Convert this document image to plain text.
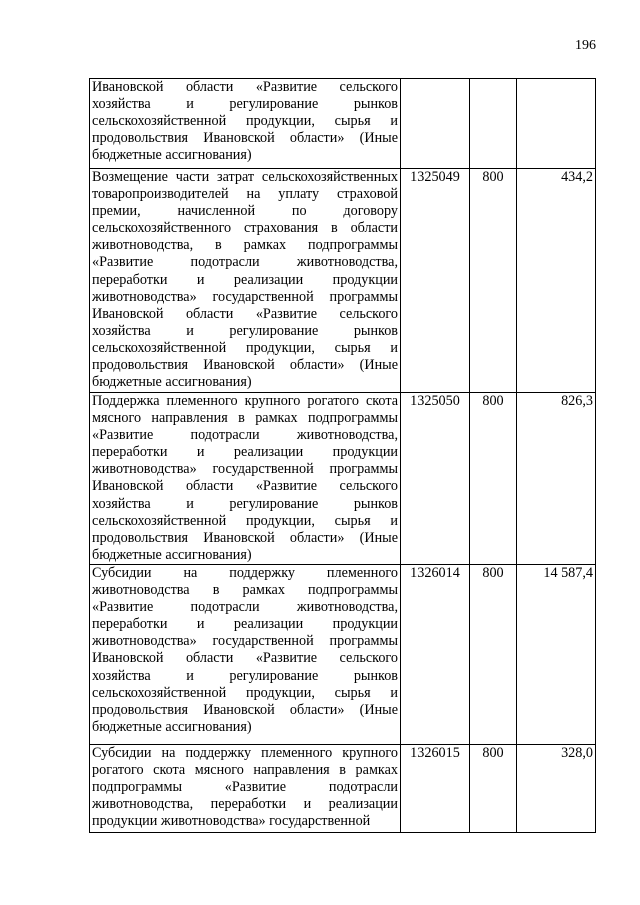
196
Ивановской области «Развитие сельского хозяйства и регулирование рынков сельскохозяйственной продукции, сырья и продовольствия Ивановской области» (Иные бюджетные ассигнования)			
Возмещение части затрат сельскохозяйственных товаропроизводителей на уплату страховой премии, начисленной по договору сельскохозяйственного страхования в области животноводства, в рамках подпрограммы «Развитие подотрасли животноводства, переработки и реализации продукции животноводства» государственной программы Ивановской области «Развитие сельского хозяйства и регулирование рынков сельскохозяйственной продукции, сырья и продовольствия Ивановской области» (Иные бюджетные ассигнования)	1325049	800	434,2
Поддержка племенного крупного рогатого скота мясного направления в рамках подпрограммы «Развитие подотрасли животноводства, переработки и реализации продукции животноводства» государственной программы Ивановской области «Развитие сельского хозяйства и регулирование рынков сельскохозяйственной продукции, сырья и продовольствия Ивановской области» (Иные бюджетные ассигнования)	1325050	800	826,3
Субсидии на поддержку племенного животноводства в рамках подпрограммы «Развитие подотрасли животноводства, переработки и реализации продукции животноводства» государственной программы Ивановской области «Развитие сельского хозяйства и регулирование рынков сельскохозяйственной продукции, сырья и продовольствия Ивановской области» (Иные бюджетные ассигнования)	1326014	800	14 587,4
Субсидии на поддержку племенного крупного рогатого скота мясного направления в рамках подпрограммы «Развитие подотрасли животноводства, переработки и реализации продукции животноводства» государственной	1326015	800	328,0
